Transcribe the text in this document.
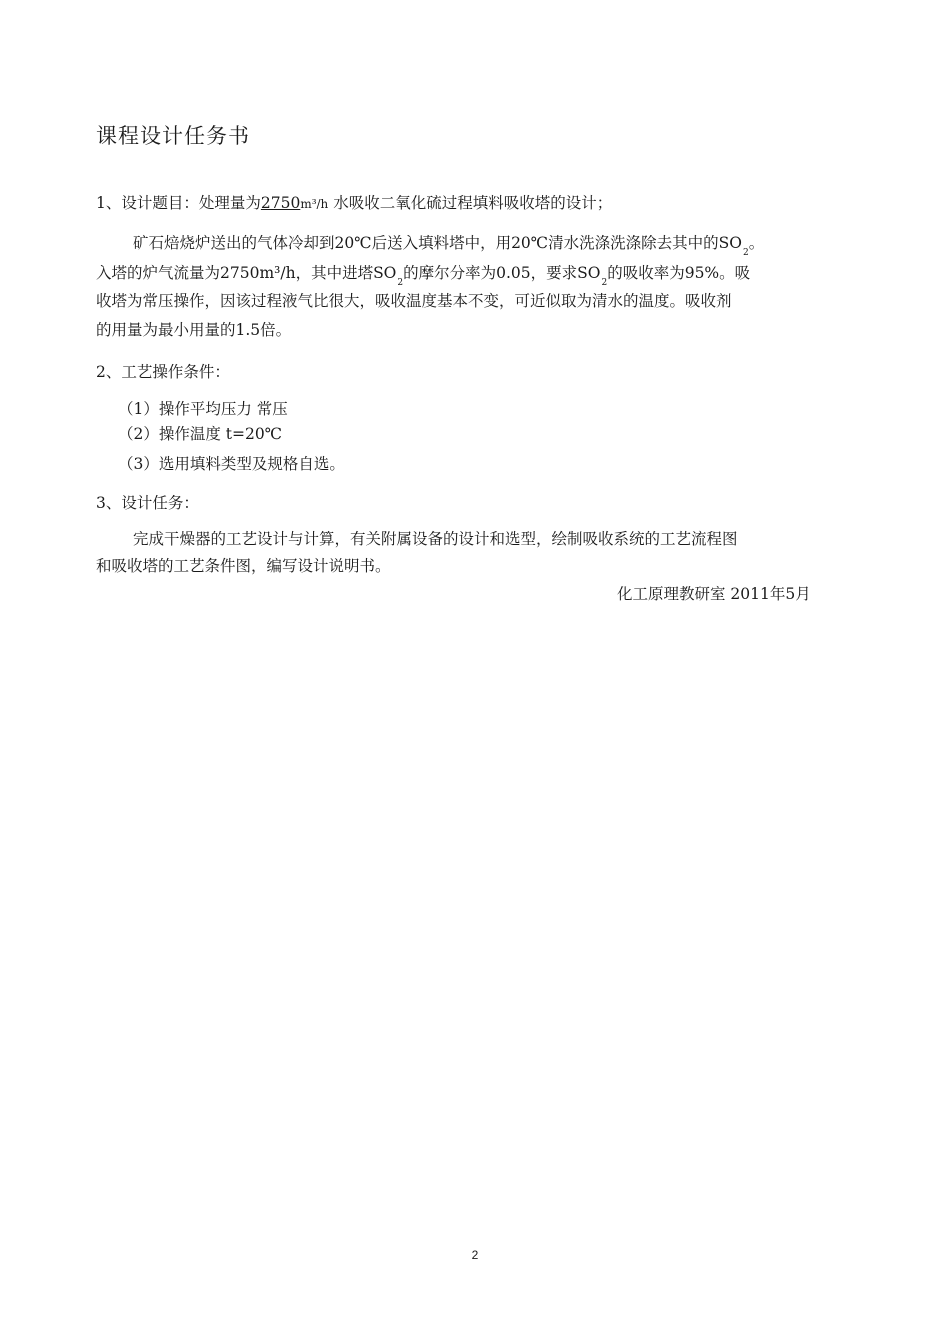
课程设计任务书
1、设计题目：处理量为2750m³/h 水吸收二氧化硫过程填料吸收塔的设计；
矿石焙烧炉送出的气体冷却到20℃后送入填料塔中，用20℃清水洗涤洗涤除去其中的$SO_2$。
入塔的炉气流量为2750m³/h，其中进塔$SO_2$的摩尔分率为0.05，要求$SO_2$的吸收率为95%。吸
收塔为常压操作，因该过程液气比很大，吸收温度基本不变，可近似取为清水的温度。吸收剂
的用量为最小用量的1.5倍。
2、工艺操作条件：
（1）操作平均压力 常压
（2）操作温度 t=20℃
（3）选用填料类型及规格自选。
3、设计任务：
完成干燥器的工艺设计与计算，有关附属设备的设计和选型，绘制吸收系统的工艺流程图
和吸收塔的工艺条件图，编写设计说明书。
化工原理教研室 2011年5月
2
